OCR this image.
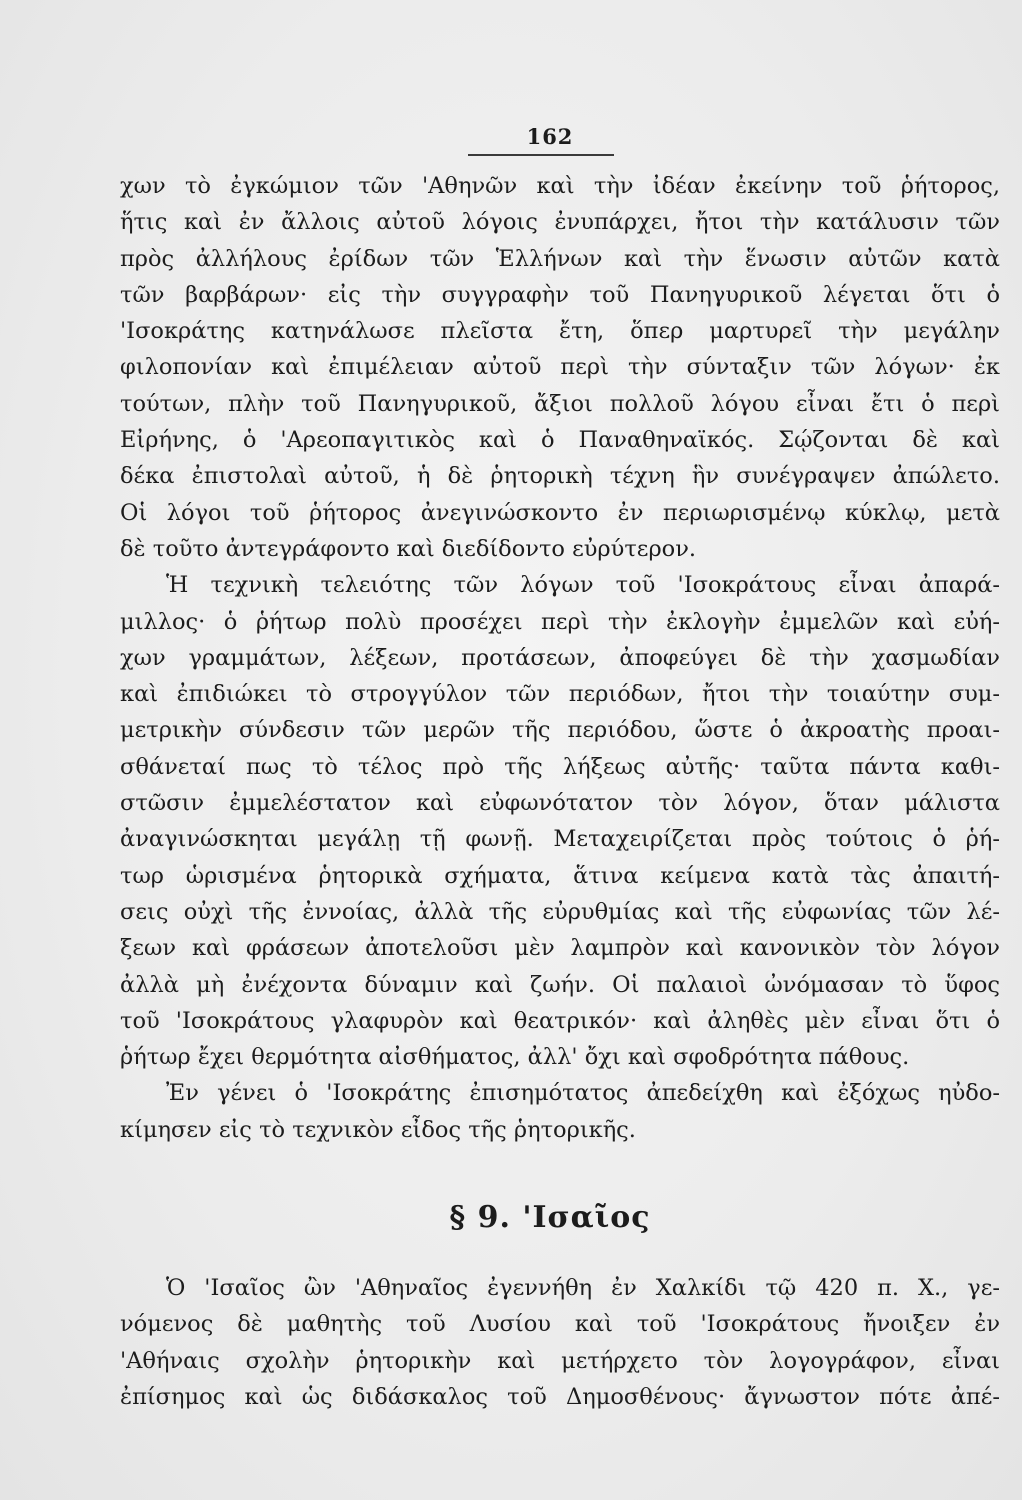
162
χων τὸ ἐγκώμιον τῶν 'Αθηνῶν καὶ τὴν ἰδέαν ἐκείνην τοῦ ῥήτορος,
ἥτις καὶ ἐν ἄλλοις αὐτοῦ λόγοις ἐνυπάρχει, ἤτοι τὴν κατάλυσιν τῶν
πρὸς ἀλλήλους ἐρίδων τῶν Ἑλλήνων καὶ τὴν ἕνωσιν αὐτῶν κατὰ
τῶν βαρβάρων· εἰς τὴν συγγραφὴν τοῦ Πανηγυρικοῦ λέγεται ὅτι ὁ
'Ισοκράτης κατηνάλωσε πλεῖστα ἔτη, ὅπερ μαρτυρεῖ τὴν μεγάλην
φιλοπονίαν καὶ ἐπιμέλειαν αὐτοῦ περὶ τὴν σύνταξιν τῶν λόγων· ἐκ
τούτων, πλὴν τοῦ Πανηγυρικοῦ, ἄξιοι πολλοῦ λόγου εἶναι ἔτι ὁ περὶ
Εἰρήνης, ὁ 'Αρεοπαγιτικὸς καὶ ὁ Παναθηναϊκός. Σῴζονται δὲ καὶ
δέκα ἐπιστολαὶ αὐτοῦ, ἡ δὲ ῥητορικὴ τέχνη ἣν συνέγραψεν ἀπώλετο.
Οἱ λόγοι τοῦ ῥήτορος ἀνεγινώσκοντο ἐν περιωρισμένῳ κύκλῳ, μετὰ
δὲ τοῦτο ἀντεγράφοντο καὶ διεδίδοντο εὐρύτερον.
Ἡ τεχνικὴ τελειότης τῶν λόγων τοῦ 'Ισοκράτους εἶναι ἀπαρά-
μιλλος· ὁ ῥήτωρ πολὺ προσέχει περὶ τὴν ἐκλογὴν ἐμμελῶν καὶ εὐή-
χων γραμμάτων, λέξεων, προτάσεων, ἀποφεύγει δὲ τὴν χασμωδίαν
καὶ ἐπιδιώκει τὸ στρογγύλον τῶν περιόδων, ἤτοι τὴν τοιαύτην συμ-
μετρικὴν σύνδεσιν τῶν μερῶν τῆς περιόδου, ὥστε ὁ ἀκροατὴς προαι-
σθάνεταί πως τὸ τέλος πρὸ τῆς λήξεως αὐτῆς· ταῦτα πάντα καθι-
στῶσιν ἐμμελέστατον καὶ εὐφωνότατον τὸν λόγον, ὅταν μάλιστα
ἀναγινώσκηται μεγάλῃ τῇ φωνῇ. Μεταχειρίζεται πρὸς τούτοις ὁ ῥή-
τωρ ὡρισμένα ῥητορικὰ σχήματα, ἅτινα κείμενα κατὰ τὰς ἀπαιτή-
σεις οὐχὶ τῆς ἐννοίας, ἀλλὰ τῆς εὐρυθμίας καὶ τῆς εὐφωνίας τῶν λέ-
ξεων καὶ φράσεων ἀποτελοῦσι μὲν λαμπρὸν καὶ κανονικὸν τὸν λόγον
ἀλλὰ μὴ ἐνέχοντα δύναμιν καὶ ζωήν. Οἱ παλαιοὶ ὠνόμασαν τὸ ὕφος
τοῦ 'Ισοκράτους γλαφυρὸν καὶ θεατρικόν· καὶ ἀληθὲς μὲν εἶναι ὅτι ὁ
ῥήτωρ ἔχει θερμότητα αἰσθήματος, ἀλλ' ὄχι καὶ σφοδρότητα πάθους.
Ἐν γένει ὁ 'Ισοκράτης ἐπισημότατος ἀπεδείχθη καὶ ἐξόχως ηὐδο-
κίμησεν εἰς τὸ τεχνικὸν εἶδος τῆς ῥητορικῆς.
§ 9. 'Ισαῖος
Ὁ 'Ισαῖος ὢν 'Αθηναῖος ἐγεννήθη ἐν Χαλκίδι τῷ 420 π. Χ., γε-
νόμενος δὲ μαθητὴς τοῦ Λυσίου καὶ τοῦ 'Ισοκράτους ἤνοιξεν ἐν
'Αθήναις σχολὴν ῥητορικὴν καὶ μετήρχετο τὸν λογογράφον, εἶναι
ἐπίσημος καὶ ὡς διδάσκαλος τοῦ Δημοσθένους· ἄγνωστον πότε ἀπέ-
